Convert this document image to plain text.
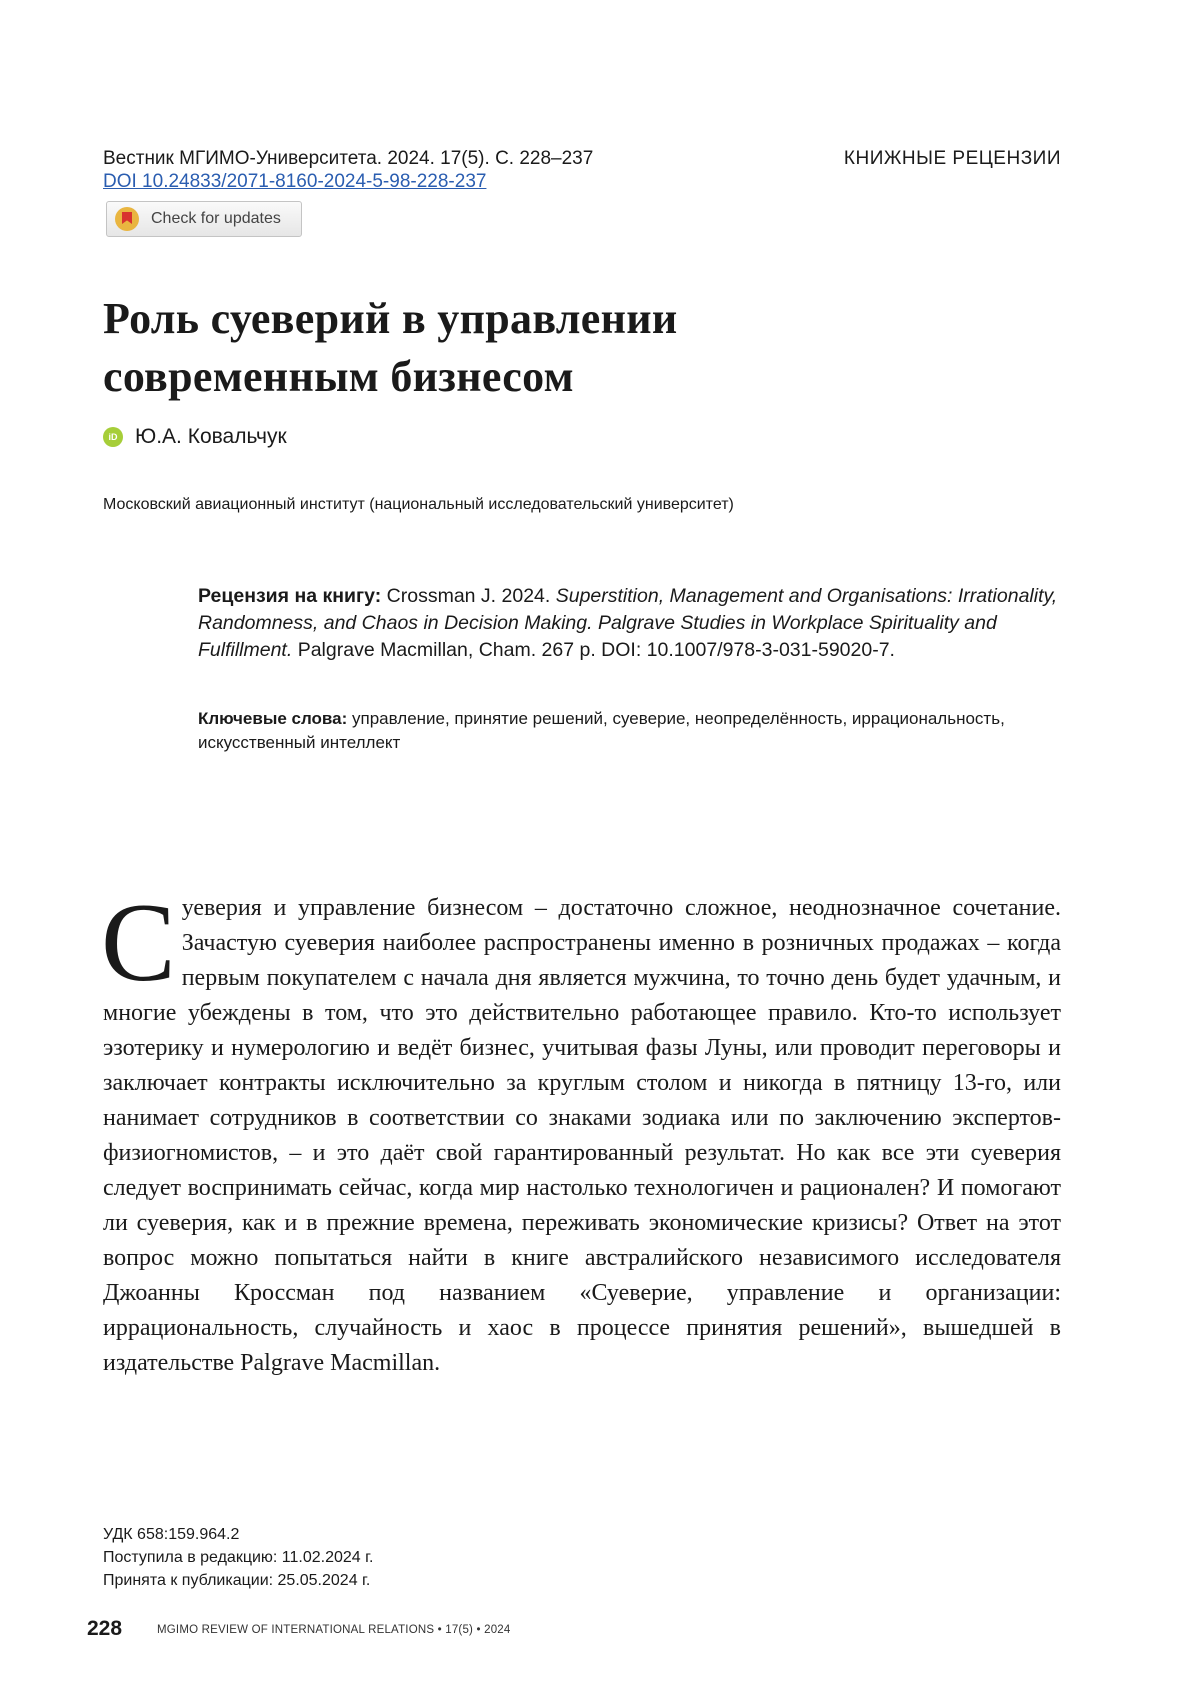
Вестник МГИМО-Университета. 2024. 17(5). С. 228–237	КНИЖНЫЕ РЕЦЕНЗИИ
DOI 10.24833/2071-8160-2024-5-98-228-237
Check for updates
Роль суеверий в управлении
современным бизнесом
iD Ю.А. Ковальчук
Московский авиационный институт (национальный исследовательский университет)
Рецензия на книгу: Crossman J. 2024. Superstition, Management and Organisations: Irrationality, Randomness, and Chaos in Decision Making. Palgrave Studies in Workplace Spirituality and Fulfillment. Palgrave Macmillan, Cham. 267 p. DOI: 10.1007/978-3-031-59020-7.
Ключевые слова: управление, принятие решений, суеверие, неопределённость, иррациональность, искусственный интеллект
С уеверия и управление бизнесом – достаточно сложное, неоднозначное сочетание. Зачастую суеверия наиболее распространены именно в розничных продажах – когда первым покупателем с начала дня является мужчина, то точно день будет удачным, и многие убеждены в том, что это действительно работающее правило. Кто-то использует эзотерику и нумерологию и ведёт бизнес, учитывая фазы Луны, или проводит переговоры и заключает контракты исключительно за круглым столом и никогда в пятницу 13-го, или нанимает сотрудников в соответствии со знаками зодиака или по заключению экспертов-физиогномистов, – и это даёт свой гарантированный результат. Но как все эти суеверия следует воспринимать сейчас, когда мир настолько технологичен и рационален? И помогают ли суеверия, как и в прежние времена, переживать экономические кризисы? Ответ на этот вопрос можно попытаться найти в книге австралийского независимого исследователя Джоанны Кроссман под названием «Суеверие, управление и организации: иррациональность, случайность и хаос в процессе принятия решений», вышедшей в издательстве Palgrave Macmillan.
УДК 658:159.964.2
Поступила в редакцию: 11.02.2024 г.
Принята к публикации: 25.05.2024 г.
228	MGIMO REVIEW OF INTERNATIONAL RELATIONS • 17(5) • 2024
